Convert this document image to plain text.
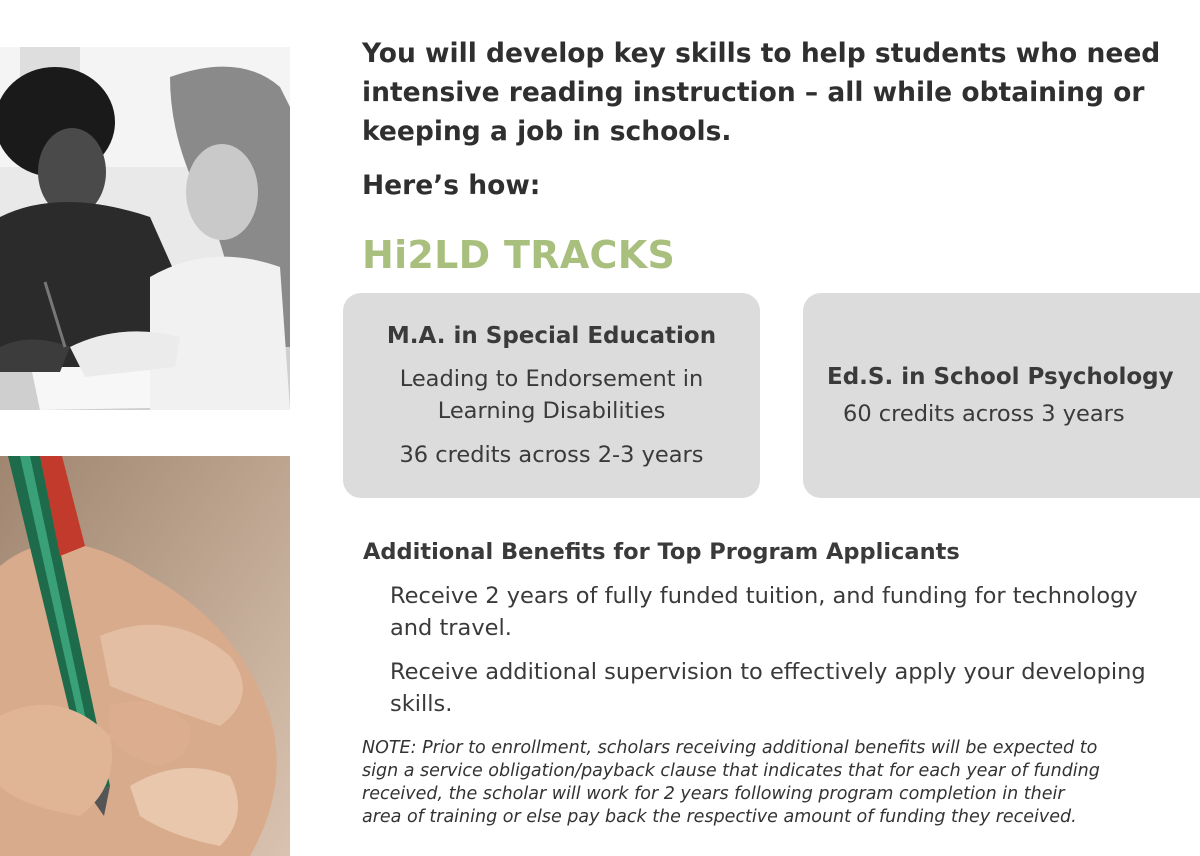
You will develop key skills to help students who need intensive reading instruction – all while obtaining or keeping a job in schools.

Here’s how:

Hi2LD TRACKS

M.A. in Special Education

Leading to Endorsement in

Learning Disabilities

36 credits across 2-3 years

Ed.S. in School Psychology

60 credits across 3 years

Additional Benefits for Top Program Applicants
Receive 2 years of fully funded tuition, and funding for technology and travel.
Receive additional supervision to effectively apply your developing skills.
NOTE: Prior to enrollment, scholars receiving additional benefits will be expected to
sign a service obligation/payback clause that indicates that for each year of funding
received, the scholar will work for 2 years following program completion in their
area of training or else pay back the respective amount of funding they received.
